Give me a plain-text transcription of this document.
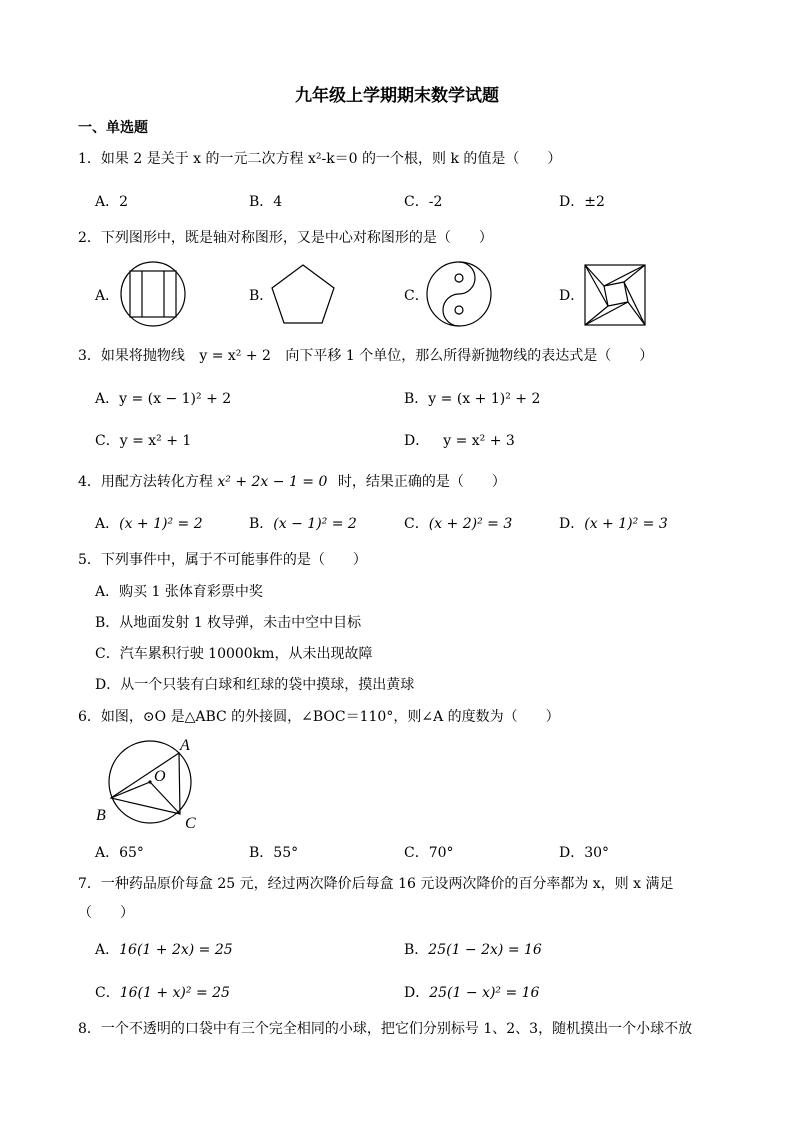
九年级上学期期末数学试题
一、单选题
1．如果 2 是关于 x 的一元二次方程 x²-k＝0 的一个根，则 k 的值是（　　）
A．2	B．4	C．-2	D．±2
2．下列图形中，既是轴对称图形，又是中心对称图形的是（　　）
A．	B．	C．	D．
3．如果将抛物线 y = x² + 2 向下平移 1 个单位，那么所得新抛物线的表达式是（　　）
A．y = (x − 1)² + 2	B．y = (x + 1)² + 2
C．y = x² + 1	D． y = x² + 3
4．用配方法转化方程 x² + 2x − 1 = 0 时，结果正确的是（　　）
A．(x + 1)² = 2	B．(x − 1)² = 2	C．(x + 2)² = 3	D．(x + 1)² = 3
5．下列事件中，属于不可能事件的是（　　）
A．购买 1 张体育彩票中奖
B．从地面发射 1 枚导弹，未击中空中目标
C．汽车累积行驶 10000km，从未出现故障
D．从一个只装有白球和红球的袋中摸球，摸出黄球
6．如图，⊙O 是△ABC 的外接圆，∠BOC＝110°，则∠A 的度数为（　　）
A
B	C
O
A．65°	B．55°	C．70°	D．30°
7．一种药品原价每盒 25 元，经过两次降价后每盒 16 元设两次降价的百分率都为 x，则 x 满足
（　　）
A．16(1 + 2x) = 25	B．25(1 − 2x) = 16
C．16(1 + x)² = 25	D．25(1 − x)² = 16
8．一个不透明的口袋中有三个完全相同的小球，把它们分别标号 1、2、3，随机摸出一个小球不放
